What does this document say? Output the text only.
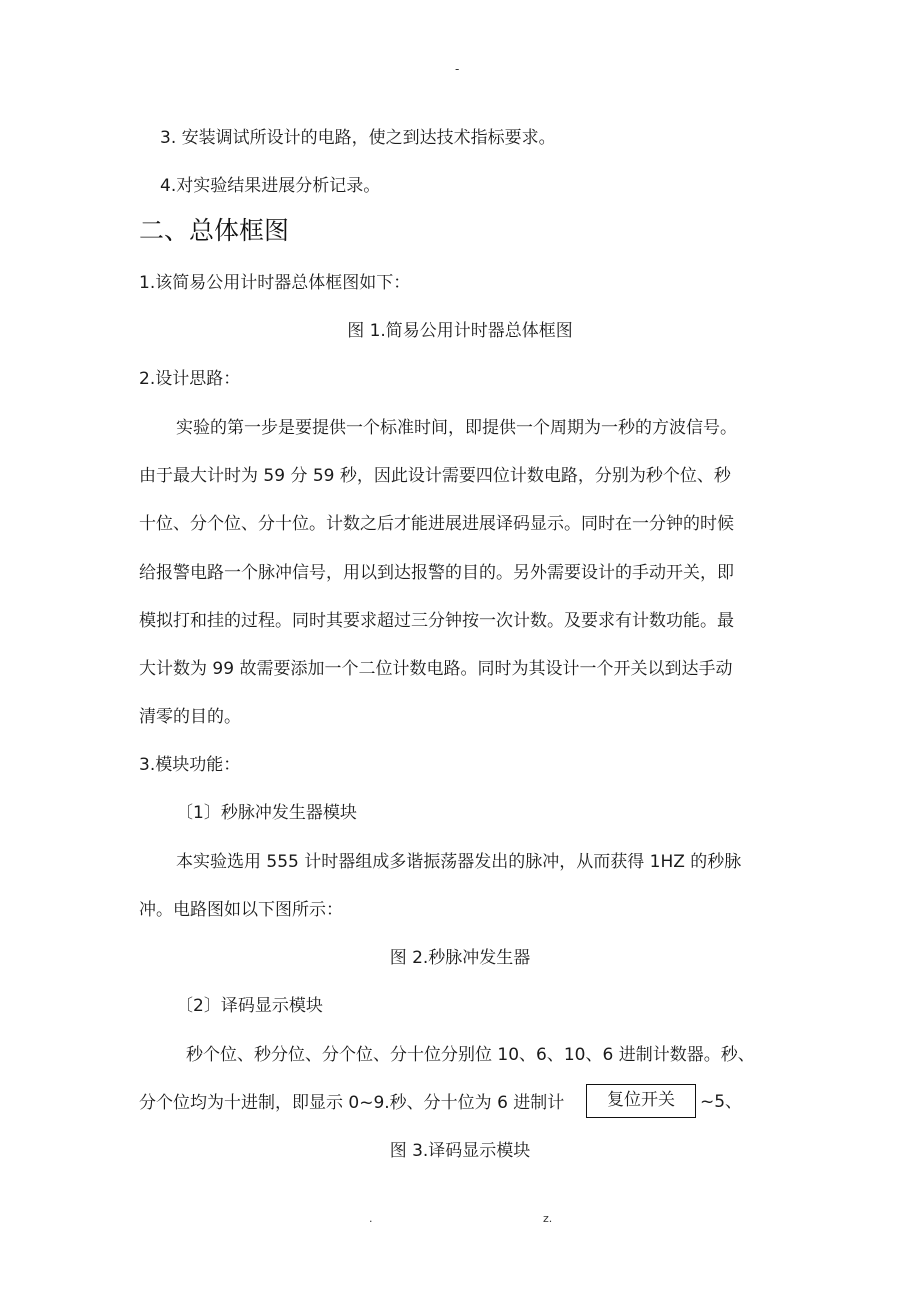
-
3. 安装调试所设计的电路，使之到达技术指标要求。
4.对实验结果进展分析记录。
二、总体框图
1.该简易公用计时器总体框图如下：
图 1.简易公用计时器总体框图
2.设计思路：
实验的第一步是要提供一个标准时间，即提供一个周期为一秒的方波信号。
由于最大计时为 59 分 59 秒，因此设计需要四位计数电路，分别为秒个位、秒
十位、分个位、分十位。计数之后才能进展进展译码显示。同时在一分钟的时候
给报警电路一个脉冲信号，用以到达报警的目的。另外需要设计的手动开关，即
模拟打和挂的过程。同时其要求超过三分钟按一次计数。及要求有计数功能。最
大计数为 99 故需要添加一个二位计数电路。同时为其设计一个开关以到达手动
清零的目的。
3.模块功能：
〔1〕秒脉冲发生器模块
本实验选用 555 计时器组成多谐振荡器发出的脉冲，从而获得 1HZ 的秒脉
冲。电路图如以下图所示：
图 2.秒脉冲发生器
〔2〕译码显示模块
秒个位、秒分位、分个位、分十位分别位 10、6、10、6 进制计数器。秒、
分个位均为十进制，即显示 0~9.秒、分十位为 6 进制计	复位开关	~5、
图 3.译码显示模块
.	z.
